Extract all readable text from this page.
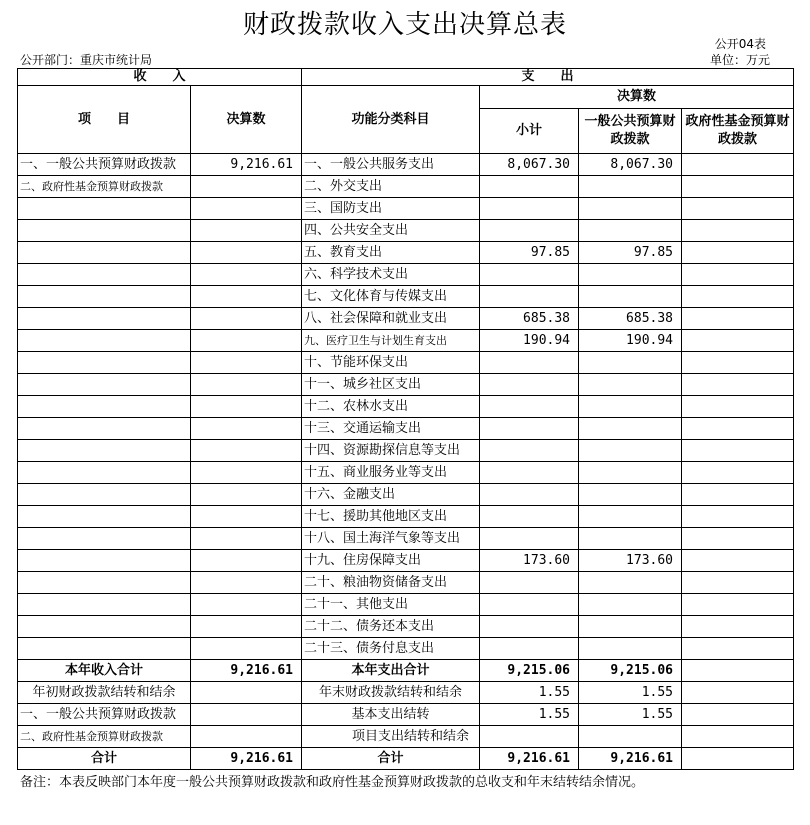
财政拨款收入支出决算总表
公开04表
公开部门：重庆市统计局	单位：万元
收　　入		支　　出			
项　　目	决算数	功能分类科目	决算数		
			小计	一般公共预算财政拨款	政府性基金预算财政拨款
一、一般公共预算财政拨款	9,216.61	一、一般公共服务支出	8,067.30	8,067.30	
二、政府性基金预算财政拨款		二、外交支出			
		三、国防支出			
		四、公共安全支出			
		五、教育支出	97.85	97.85	
		六、科学技术支出			
		七、文化体育与传媒支出			
		八、社会保障和就业支出	685.38	685.38	
		九、医疗卫生与计划生育支出	190.94	190.94	
		十、节能环保支出			
		十一、城乡社区支出			
		十二、农林水支出			
		十三、交通运输支出			
		十四、资源勘探信息等支出			
		十五、商业服务业等支出			
		十六、金融支出			
		十七、援助其他地区支出			
		十八、国土海洋气象等支出			
		十九、住房保障支出	173.60	173.60	
		二十、粮油物资储备支出			
		二十一、其他支出			
		二十二、债务还本支出			
		二十三、债务付息支出			
本年收入合计	9,216.61	本年支出合计	9,215.06	9,215.06	
年初财政拨款结转和结余		年末财政拨款结转和结余	1.55	1.55	
一、一般公共预算财政拨款		基本支出结转	1.55	1.55	
二、政府性基金预算财政拨款		项目支出结转和结余			
合计	9,216.61	合计	9,216.61	9,216.61	
备注：本表反映部门本年度一般公共预算财政拨款和政府性基金预算财政拨款的总收支和年末结转结余情况。
